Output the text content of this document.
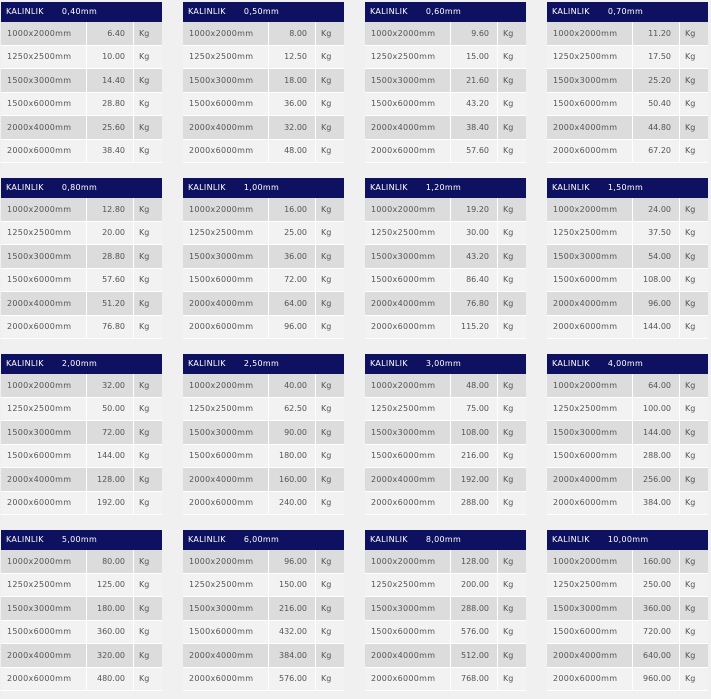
KALINLIK 0,40mm
1000x2000mm	6.40	Kg
1250x2500mm	10.00	Kg
1500x3000mm	14.40	Kg
1500x6000mm	28.80	Kg
2000x4000mm	25.60	Kg
2000x6000mm	38.40	Kg
KALINLIK 0,50mm
1000x2000mm	8.00	Kg
1250x2500mm	12.50	Kg
1500x3000mm	18.00	Kg
1500x6000mm	36.00	Kg
2000x4000mm	32.00	Kg
2000x6000mm	48.00	Kg
KALINLIK 0,60mm
1000x2000mm	9.60	Kg
1250x2500mm	15.00	Kg
1500x3000mm	21.60	Kg
1500x6000mm	43.20	Kg
2000x4000mm	38.40	Kg
2000x6000mm	57.60	Kg
KALINLIK 0,70mm
1000x2000mm	11.20	Kg
1250x2500mm	17.50	Kg
1500x3000mm	25.20	Kg
1500x6000mm	50.40	Kg
2000x4000mm	44.80	Kg
2000x6000mm	67.20	Kg
KALINLIK 0,80mm
1000x2000mm	12.80	Kg
1250x2500mm	20.00	Kg
1500x3000mm	28.80	Kg
1500x6000mm	57.60	Kg
2000x4000mm	51.20	Kg
2000x6000mm	76.80	Kg
KALINLIK 1,00mm
1000x2000mm	16.00	Kg
1250x2500mm	25.00	Kg
1500x3000mm	36.00	Kg
1500x6000mm	72.00	Kg
2000x4000mm	64.00	Kg
2000x6000mm	96.00	Kg
KALINLIK 1,20mm
1000x2000mm	19.20	Kg
1250x2500mm	30.00	Kg
1500x3000mm	43.20	Kg
1500x6000mm	86.40	Kg
2000x4000mm	76.80	Kg
2000x6000mm	115.20	Kg
KALINLIK 1,50mm
1000x2000mm	24.00	Kg
1250x2500mm	37.50	Kg
1500x3000mm	54.00	Kg
1500x6000mm	108.00	Kg
2000x4000mm	96.00	Kg
2000x6000mm	144.00	Kg
KALINLIK 2,00mm
1000x2000mm	32.00	Kg
1250x2500mm	50.00	Kg
1500x3000mm	72.00	Kg
1500x6000mm	144.00	Kg
2000x4000mm	128.00	Kg
2000x6000mm	192.00	Kg
KALINLIK 2,50mm
1000x2000mm	40.00	Kg
1250x2500mm	62.50	Kg
1500x3000mm	90.00	Kg
1500x6000mm	180.00	Kg
2000x4000mm	160.00	Kg
2000x6000mm	240.00	Kg
KALINLIK 3,00mm
1000x2000mm	48.00	Kg
1250x2500mm	75.00	Kg
1500x3000mm	108.00	Kg
1500x6000mm	216.00	Kg
2000x4000mm	192.00	Kg
2000x6000mm	288.00	Kg
KALINLIK 4,00mm
1000x2000mm	64.00	Kg
1250x2500mm	100.00	Kg
1500x3000mm	144.00	Kg
1500x6000mm	288.00	Kg
2000x4000mm	256.00	Kg
2000x6000mm	384.00	Kg
KALINLIK 5,00mm
1000x2000mm	80.00	Kg
1250x2500mm	125.00	Kg
1500x3000mm	180.00	Kg
1500x6000mm	360.00	Kg
2000x4000mm	320.00	Kg
2000x6000mm	480.00	Kg
KALINLIK 6,00mm
1000x2000mm	96.00	Kg
1250x2500mm	150.00	Kg
1500x3000mm	216.00	Kg
1500x6000mm	432.00	Kg
2000x4000mm	384.00	Kg
2000x6000mm	576.00	Kg
KALINLIK 8,00mm
1000x2000mm	128.00	Kg
1250x2500mm	200.00	Kg
1500x3000mm	288.00	Kg
1500x6000mm	576.00	Kg
2000x4000mm	512.00	Kg
2000x6000mm	768.00	Kg
KALINLIK 10,00mm
1000x2000mm	160.00	Kg
1250x2500mm	250.00	Kg
1500x3000mm	360.00	Kg
1500x6000mm	720.00	Kg
2000x4000mm	640.00	Kg
2000x6000mm	960.00	Kg
